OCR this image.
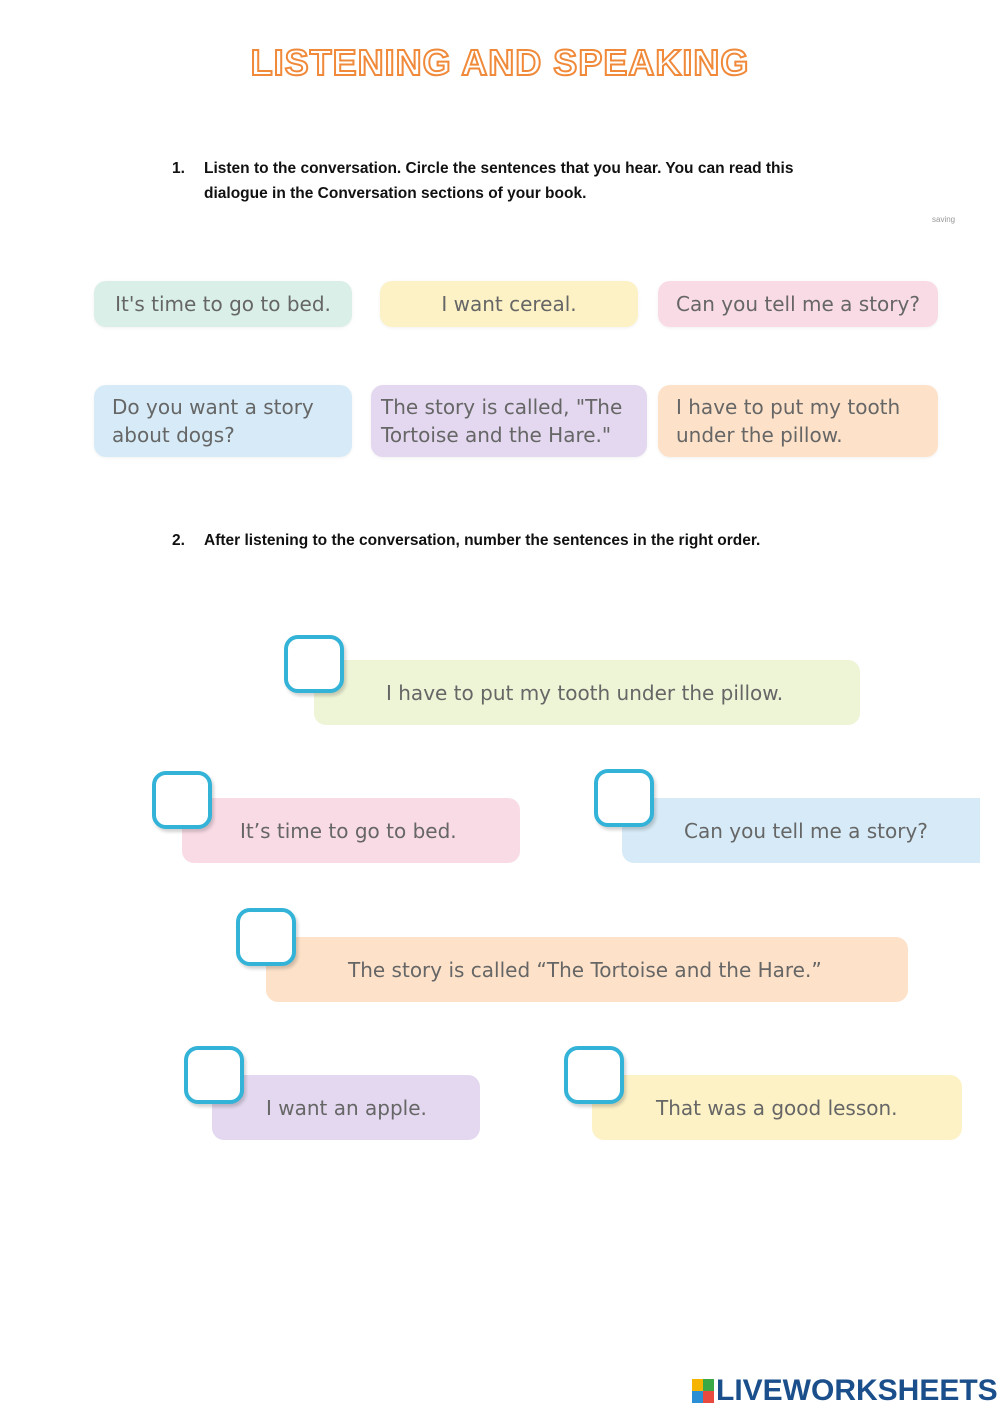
LISTENING AND SPEAKING
1. Listen to the conversation. Circle the sentences that you hear. You can read this dialogue in the Conversation sections of your book.
saving
It's time to go to bed.	I want cereal.	Can you tell me a story?
Do you want a story about dogs?
The story is called, "The Tortoise and the Hare."
I have to put my tooth under the pillow.
2. After listening to the conversation, number the sentences in the right order.
I have to put my tooth under the pillow.
It’s time to go to bed.	Can you tell me a story?
The story is called “The Tortoise and the Hare.”
I want an apple.	That was a good lesson.
LIVEWORKSHEETS
